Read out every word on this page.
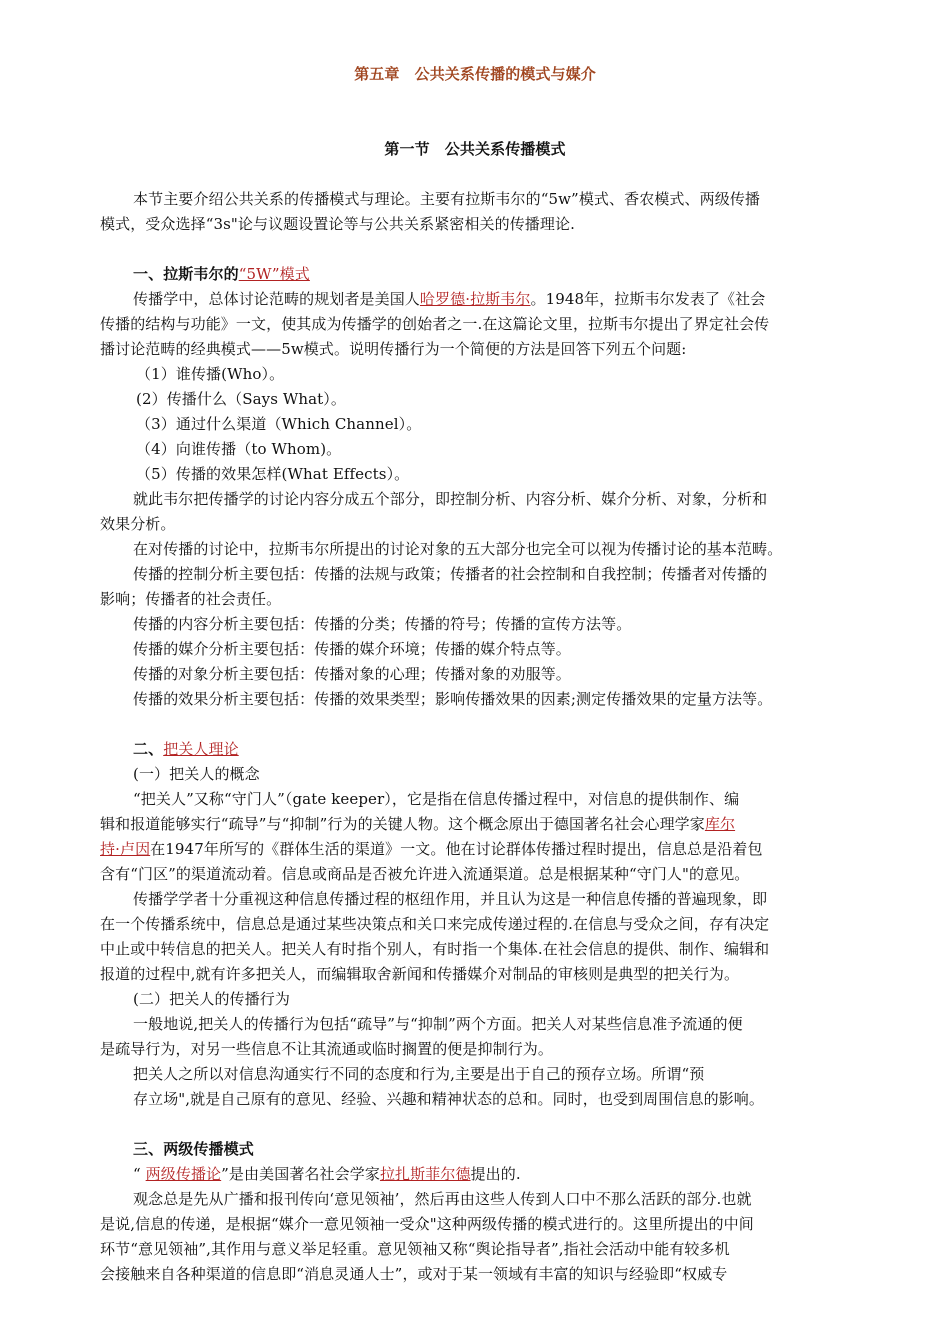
第五章　公共关系传播的模式与媒介
第一节　公共关系传播模式
本节主要介绍公共关系的传播模式与理论。主要有拉斯韦尔的“5w”模式、香农模式、两级传播
模式，受众选择“3s"论与议题设置论等与公共关系紧密相关的传播理论.
一、拉斯韦尔的“5W”模式
传播学中，总体讨论范畴的规划者是美国人哈罗德·拉斯韦尔。1948年，拉斯韦尔发表了《社会
传播的结构与功能》一文，使其成为传播学的创始者之一.在这篇论文里，拉斯韦尔提出了界定社会传
播讨论范畴的经典模式——5w模式。说明传播行为一个简便的方法是回答下列五个问题:
（1）谁传播(Who）。
(2）传播什么（Says What）。
（3）通过什么渠道（Which Channel）。
（4）向谁传播（to Whom)。
（5）传播的效果怎样(What Effects）。
就此韦尔把传播学的讨论内容分成五个部分，即控制分析、内容分析、媒介分析、对象，分析和
效果分析。
在对传播的讨论中，拉斯韦尔所提出的讨论对象的五大部分也完全可以视为传播讨论的基本范畴。
传播的控制分析主要包括：传播的法规与政策；传播者的社会控制和自我控制；传播者对传播的
影响；传播者的社会责任。
传播的内容分析主要包括：传播的分类；传播的符号；传播的宣传方法等。
传播的媒介分析主要包括：传播的媒介环境；传播的媒介特点等。
传播的对象分析主要包括：传播对象的心理；传播对象的劝服等。
传播的效果分析主要包括：传播的效果类型；影响传播效果的因素;测定传播效果的定量方法等。
二、把关人理论
(一）把关人的概念
“把关人”又称“守门人”（gate keeper），它是指在信息传播过程中，对信息的提供制作、编
辑和报道能够实行“疏导”与“抑制”行为的关键人物。这个概念原出于德国著名社会心理学家库尔
持·卢因在1947年所写的《群体生活的渠道》一文。他在讨论群体传播过程时提出，信息总是沿着包
含有“门区”的渠道流动着。信息或商品是否被允许进入流通渠道。总是根据某种“守门人"的意见。
传播学学者十分重视这种信息传播过程的枢纽作用，并且认为这是一种信息传播的普遍现象，即
在一个传播系统中，信息总是通过某些决策点和关口来完成传递过程的.在信息与受众之间，存有决定
中止或中转信息的把关人。把关人有时指个别人，有时指一个集体.在社会信息的提供、制作、编辑和
报道的过程中,就有许多把关人，而编辑取舍新闻和传播媒介对制品的审核则是典型的把关行为。
(二）把关人的传播行为
一般地说,把关人的传播行为包括“疏导”与“抑制”两个方面。把关人对某些信息准予流通的便
是疏导行为，对另一些信息不让其流通或临时搁置的便是抑制行为。
把关人之所以对信息沟通实行不同的态度和行为,主要是出于自己的预存立场。所谓“预
存立场",就是自己原有的意见、经验、兴趣和精神状态的总和。同时，也受到周围信息的影响。
三、两级传播模式
“ 两级传播论”是由美国著名社会学家拉扎斯菲尔德提出的.
观念总是先从广播和报刊传向‘意见领袖’，然后再由这些人传到人口中不那么活跃的部分.也就
是说,信息的传递，是根据“媒介一意见领袖一受众"这种两级传播的模式进行的。这里所提出的中间
环节“意见领袖”,其作用与意义举足轻重。意见领袖又称“舆论指导者”,指社会活动中能有较多机
会接触来自各种渠道的信息即“消息灵通人士”，或对于某一领域有丰富的知识与经验即“权威专
